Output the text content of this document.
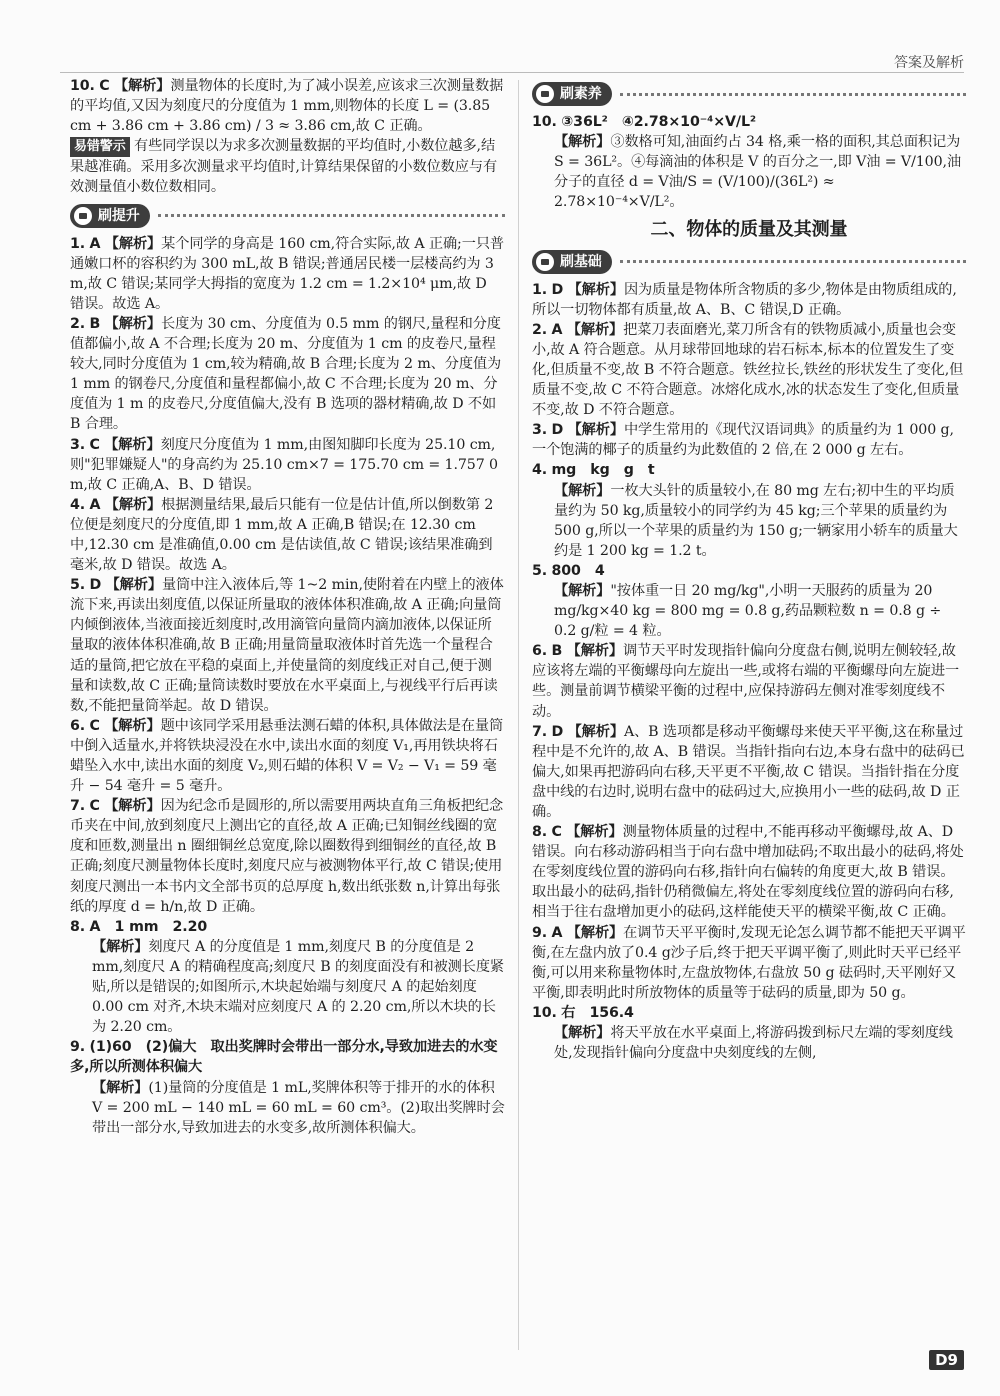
答案及解析

10. C 【解析】测量物体的长度时,为了减小误差,应该求三次测量数据的平均值,又因为刻度尺的分度值为 1 mm,则物体的长度 L = (3.85 cm + 3.86 cm + 3.86 cm) / 3 ≈ 3.86 cm,故 C 正确。

易错警示 有些同学误以为求多次测量数据的平均值时,小数位越多,结果越准确。采用多次测量求平均值时,计算结果保留的小数位数应与有效测量值小数位数相同。

刷提升

1. A 【解析】某个同学的身高是 160 cm,符合实际,故 A 正确;一只普通嫩口杯的容积约为 300 mL,故 B 错误;普通居民楼一层楼高约为 3 m,故 C 错误;某同学大拇指的宽度为 1.2 cm = 1.2×10⁴ μm,故 D 错误。故选 A。

2. B 【解析】长度为 30 cm、分度值为 0.5 mm 的钢尺,量程和分度值都偏小,故 A 不合理;长度为 20 m、分度值为 1 cm 的皮卷尺,量程较大,同时分度值为 1 cm,较为精确,故 B 合理;长度为 2 m、分度值为 1 mm 的钢卷尺,分度值和量程都偏小,故 C 不合理;长度为 20 m、分度值为 1 m 的皮卷尺,分度值偏大,没有 B 选项的器材精确,故 D 不如 B 合理。

3. C 【解析】刻度尺分度值为 1 mm,由图知脚印长度为 25.10 cm,则"犯罪嫌疑人"的身高约为 25.10 cm×7 = 175.70 cm = 1.757 0 m,故 C 正确,A、B、D 错误。

4. A 【解析】根据测量结果,最后只能有一位是估计值,所以倒数第 2 位便是刻度尺的分度值,即 1 mm,故 A 正确,B 错误;在 12.30 cm 中,12.30 cm 是准确值,0.00 cm 是估读值,故 C 错误;该结果准确到毫米,故 D 错误。故选 A。

5. D 【解析】量筒中注入液体后,等 1~2 min,使附着在内壁上的液体流下来,再读出刻度值,以保证所量取的液体体积准确,故 A 正确;向量筒内倾倒液体,当液面接近刻度时,改用滴管向量筒内滴加液体,以保证所量取的液体体积准确,故 B 正确;用量筒量取液体时首先选一个量程合适的量筒,把它放在平稳的桌面上,并使量筒的刻度线正对自己,便于测量和读数,故 C 正确;量筒读数时要放在水平桌面上,与视线平行后再读数,不能把量筒举起。故 D 错误。

6. C 【解析】题中该同学采用悬垂法测石蜡的体积,具体做法是在量筒中倒入适量水,并将铁块浸没在水中,读出水面的刻度 V₁,再用铁块将石蜡坠入水中,读出水面的刻度 V₂,则石蜡的体积 V = V₂ − V₁ = 59 毫升 − 54 毫升 = 5 毫升。

7. C 【解析】因为纪念币是圆形的,所以需要用两块直角三角板把纪念币夹在中间,放到刻度尺上测出它的直径,故 A 正确;已知铜丝线圈的宽度和匝数,测量出 n 圈细铜丝总宽度,除以圈数得到细铜丝的直径,故 B 正确;刻度尺测量物体长度时,刻度尺应与被测物体平行,故 C 错误;使用刻度尺测出一本书内文全部书页的总厚度 h,数出纸张数 n,计算出每张纸的厚度 d = h/n,故 D 正确。

8. A　1 mm　2.20

【解析】刻度尺 A 的分度值是 1 mm,刻度尺 B 的分度值是 2 mm,刻度尺 A 的精确程度高;刻度尺 B 的刻度面没有和被测长度紧贴,所以是错误的;如图所示,木块起始端与刻度尺 A 的起始刻度 0.00 cm 对齐,木块末端对应刻度尺 A 的 2.20 cm,所以木块的长为 2.20 cm。

9. (1)60　(2)偏大　取出奖牌时会带出一部分水,导致加进去的水变多,所以所测体积偏大

【解析】(1)量筒的分度值是 1 mL,奖牌体积等于排开的水的体积 V = 200 mL − 140 mL = 60 mL = 60 cm³。(2)取出奖牌时会带出一部分水,导致加进去的水变多,故所测体积偏大。

刷素养

10. ③36L²　④2.78×10⁻⁴×V/L²

【解析】③数格可知,油面约占 34 格,乘一格的面积,其总面积记为 S = 36L²。④每滴油的体积是 V 的百分之一,即 V油 = V/100,油分子的直径 d = V油/S = (V/100)/(36L²) ≈ 2.78×10⁻⁴×V/L²。

二、物体的质量及其测量
刷基础

1. D 【解析】因为质量是物体所含物质的多少,物体是由物质组成的,所以一切物体都有质量,故 A、B、C 错误,D 正确。

2. A 【解析】把菜刀表面磨光,菜刀所含有的铁物质减小,质量也会变小,故 A 符合题意。从月球带回地球的岩石标本,标本的位置发生了变化,但质量不变,故 B 不符合题意。铁丝拉长,铁丝的形状发生了变化,但质量不变,故 C 不符合题意。冰熔化成水,冰的状态发生了变化,但质量不变,故 D 不符合题意。

3. D 【解析】中学生常用的《现代汉语词典》的质量约为 1 000 g,一个饱满的椰子的质量约为此数值的 2 倍,在 2 000 g 左右。

4. mg　kg　g　t

【解析】一枚大头针的质量较小,在 80 mg 左右;初中生的平均质量约为 50 kg,质量较小的同学约为 45 kg;三个苹果的质量约为500 g,所以一个苹果的质量约为 150 g;一辆家用小轿车的质量大约是 1 200 kg = 1.2 t。

5. 800　4

【解析】"按体重一日 20 mg/kg",小明一天服药的质量为 20 mg/kg×40 kg = 800 mg = 0.8 g,药品颗粒数 n = 0.8 g ÷ 0.2 g/粒 = 4 粒。

6. B 【解析】调节天平时发现指针偏向分度盘右侧,说明左侧较轻,故应该将左端的平衡螺母向左旋出一些,或将右端的平衡螺母向左旋进一些。测量前调节横梁平衡的过程中,应保持游码左侧对准零刻度线不动。

7. D 【解析】A、B 选项都是移动平衡螺母来使天平平衡,这在称量过程中是不允许的,故 A、B 错误。当指针指向右边,本身右盘中的砝码已偏大,如果再把游码向右移,天平更不平衡,故 C 错误。当指针指在分度盘中线的右边时,说明右盘中的砝码过大,应换用小一些的砝码,故 D 正确。

8. C 【解析】测量物体质量的过程中,不能再移动平衡螺母,故 A、D 错误。向右移动游码相当于向右盘中增加砝码;不取出最小的砝码,将处在零刻度线位置的游码向右移,指针向右偏转的角度更大,故 B 错误。取出最小的砝码,指针仍稍微偏左,将处在零刻度线位置的游码向右移,相当于往右盘增加更小的砝码,这样能使天平的横梁平衡,故 C 正确。

9. A 【解析】在调节天平平衡时,发现无论怎么调节都不能把天平调平衡,在左盘内放了0.4 g沙子后,终于把天平调平衡了,则此时天平已经平衡,可以用来称量物体时,左盘放物体,右盘放 50 g 砝码时,天平刚好又平衡,即表明此时所放物体的质量等于砝码的质量,即为 50 g。

10. 右　156.4

【解析】将天平放在水平桌面上,将游码拨到标尺左端的零刻度线处,发现指针偏向分度盘中央刻度线的左侧,

D9
